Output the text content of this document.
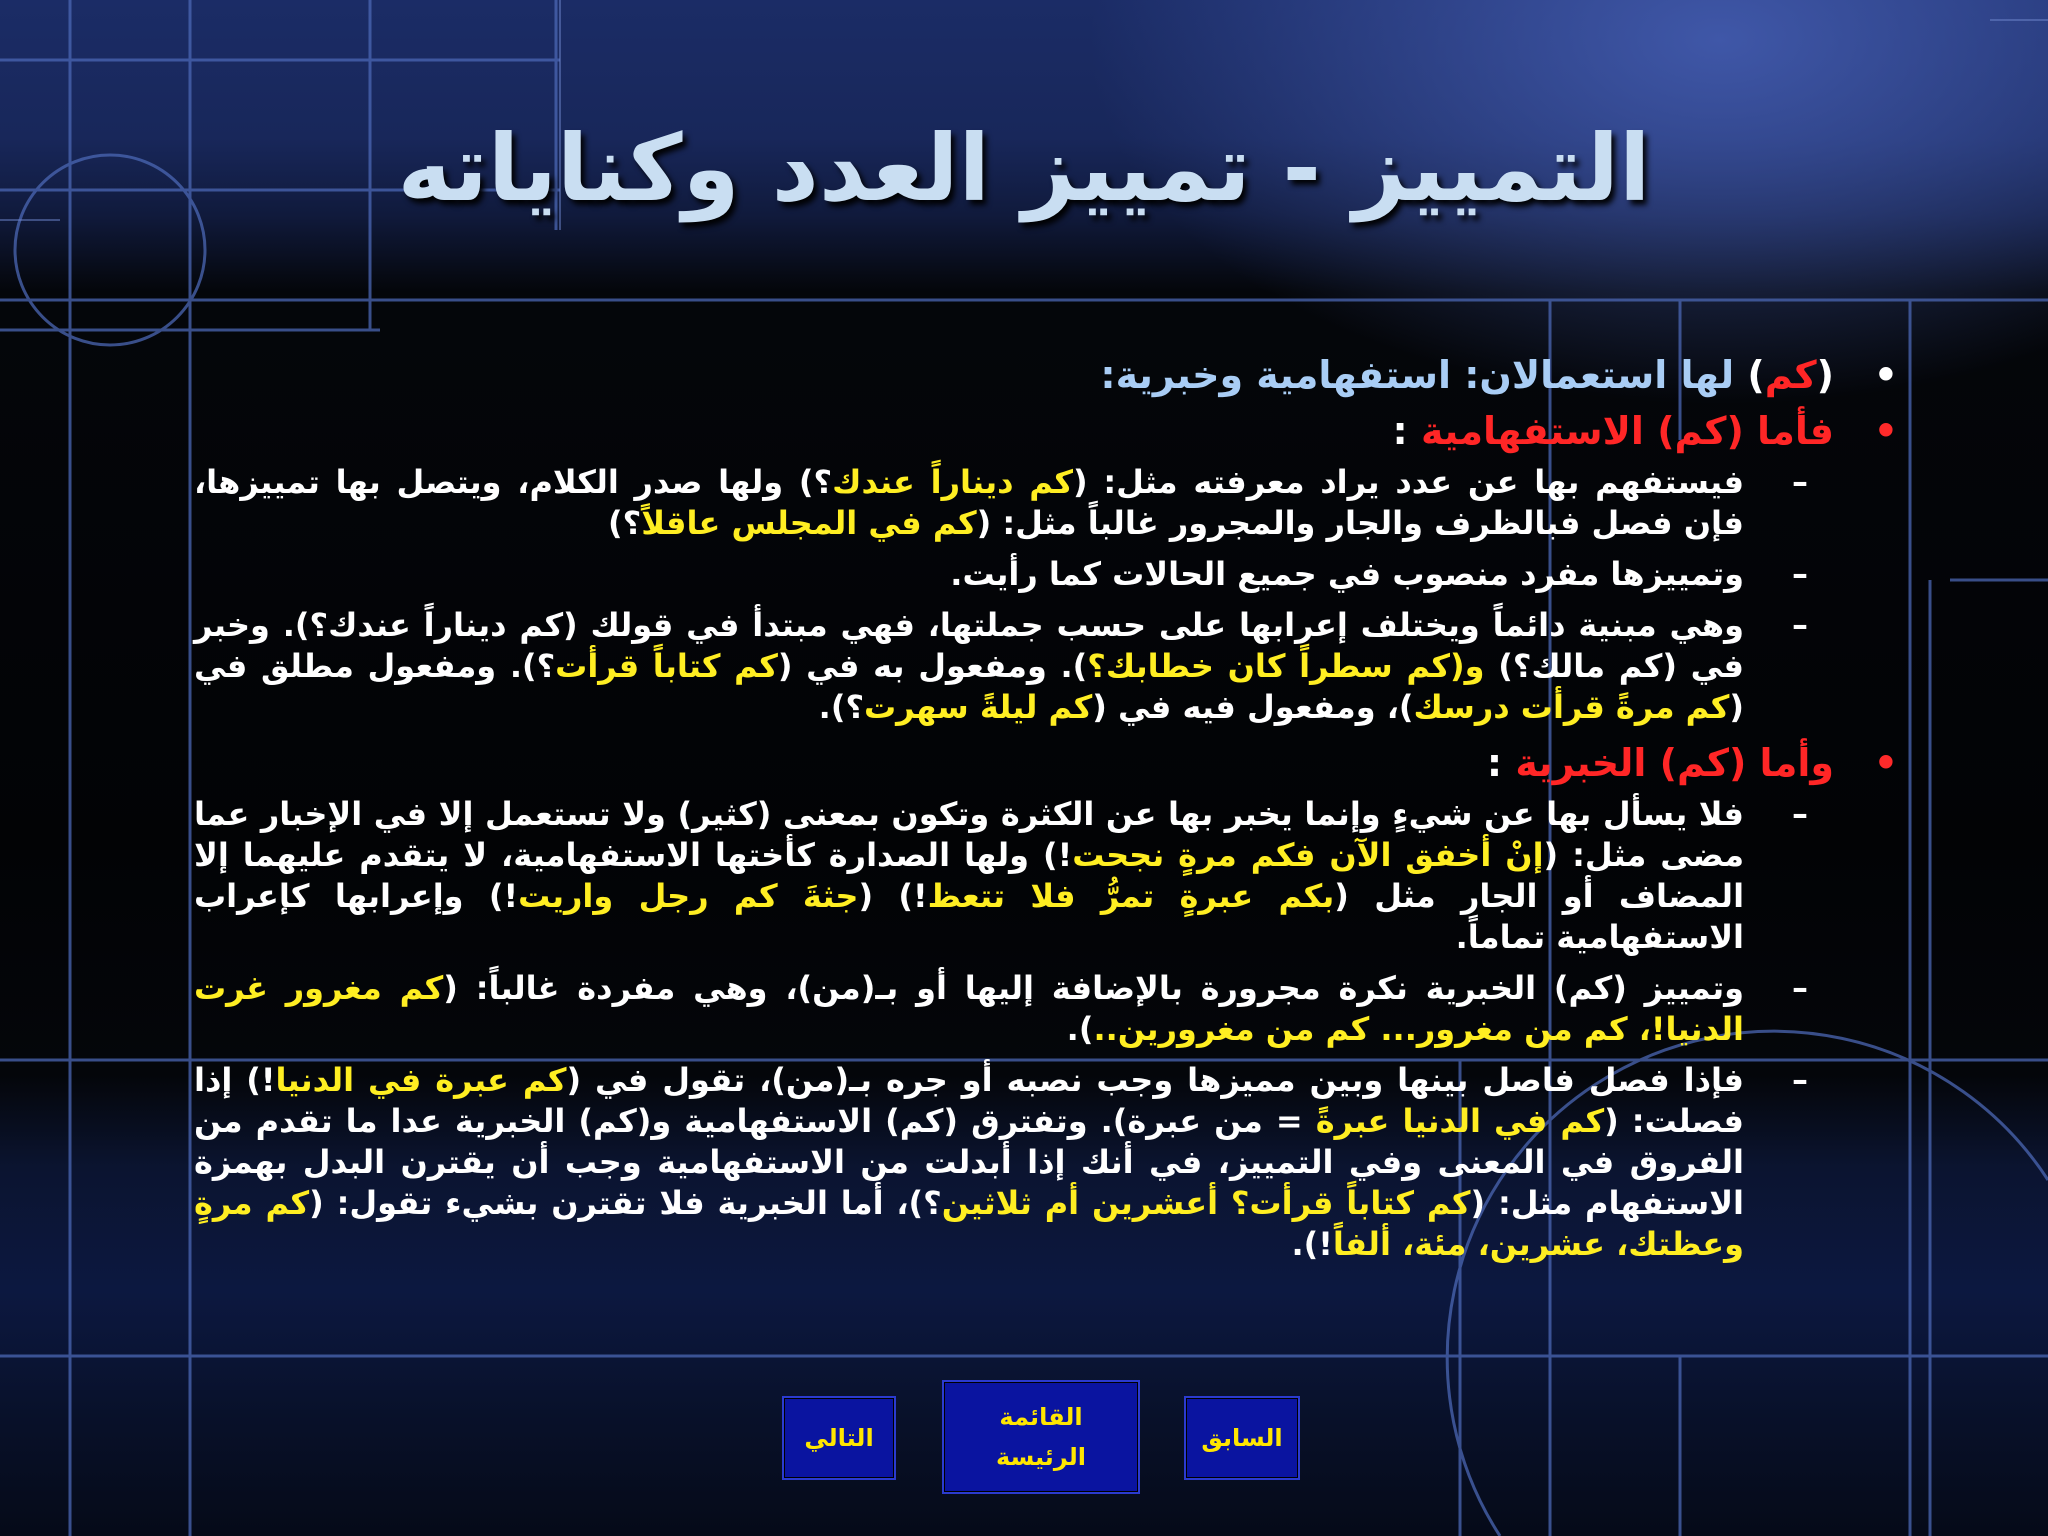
التمييز - تمييز العدد وكناياته
•
(كم) لها استعمالان: استفهامية وخبرية:
•
فأما (كم) الاستفهامية :
–
فيستفهم بها عن عدد يراد معرفته مثل: (كم ديناراً عندك؟) ولها صدر الكلام، ويتصل بها تمييزها، فإن فصل فبالظرف والجار والمجرور غالباً مثل: (كم في المجلس عاقلاً؟)
–
وتمييزها مفرد منصوب في جميع الحالات كما رأيت.
–
وهي مبنية دائماً ويختلف إعرابها على حسب جملتها، فهي مبتدأ في قولك (كم ديناراً عندك؟). وخبر في (كم مالك؟) و(كم سطراً كان خطابك؟). ومفعول به في (كم كتاباً قرأت؟). ومفعول مطلق في (كم مرةً قرأت درسك)، ومفعول فيه في (كم ليلةً سهرت؟).
•
وأما (كم) الخبرية :
–
فلا يسأل بها عن شيءٍ وإنما يخبر بها عن الكثرة وتكون بمعنى (كثير) ولا تستعمل إلا في الإخبار عما مضى مثل: (إنْ أخفق الآن فكم مرةٍ نجحت!) ولها الصدارة كأختها الاستفهامية، لا يتقدم عليهما إلا المضاف أو الجار مثل (بكم عبرةٍ تمرُّ فلا تتعظ!) (جثةَ كم رجل واريت!) وإعرابها كإعراب الاستفهامية تماماً.
–
وتمييز (كم) الخبرية نكرة مجرورة بالإضافة إليها أو بـ(من)، وهي مفردة غالباً: (كم مغرور غرت الدنيا!، كم من مغرور... كم من مغرورين..).
–
فإذا فصل فاصل بينها وبين مميزها وجب نصبه أو جره بـ(من)، تقول في (كم عبرة في الدنيا!) إذا فصلت: (كم في الدنيا عبرةً = من عبرة). وتفترق (كم) الاستفهامية و(كم) الخبرية عدا ما تقدم من الفروق في المعنى وفي التمييز، في أنك إذا أبدلت من الاستفهامية وجب أن يقترن البدل بهمزة الاستفهام مثل: (كم كتاباً قرأت؟ أعشرين أم ثلاثين؟)، أما الخبرية فلا تقترن بشيء تقول: (كم مرةٍ وعظتك، عشرين، مئة، ألفاً!).
التالي
القائمة
الرئيسة
السابق
